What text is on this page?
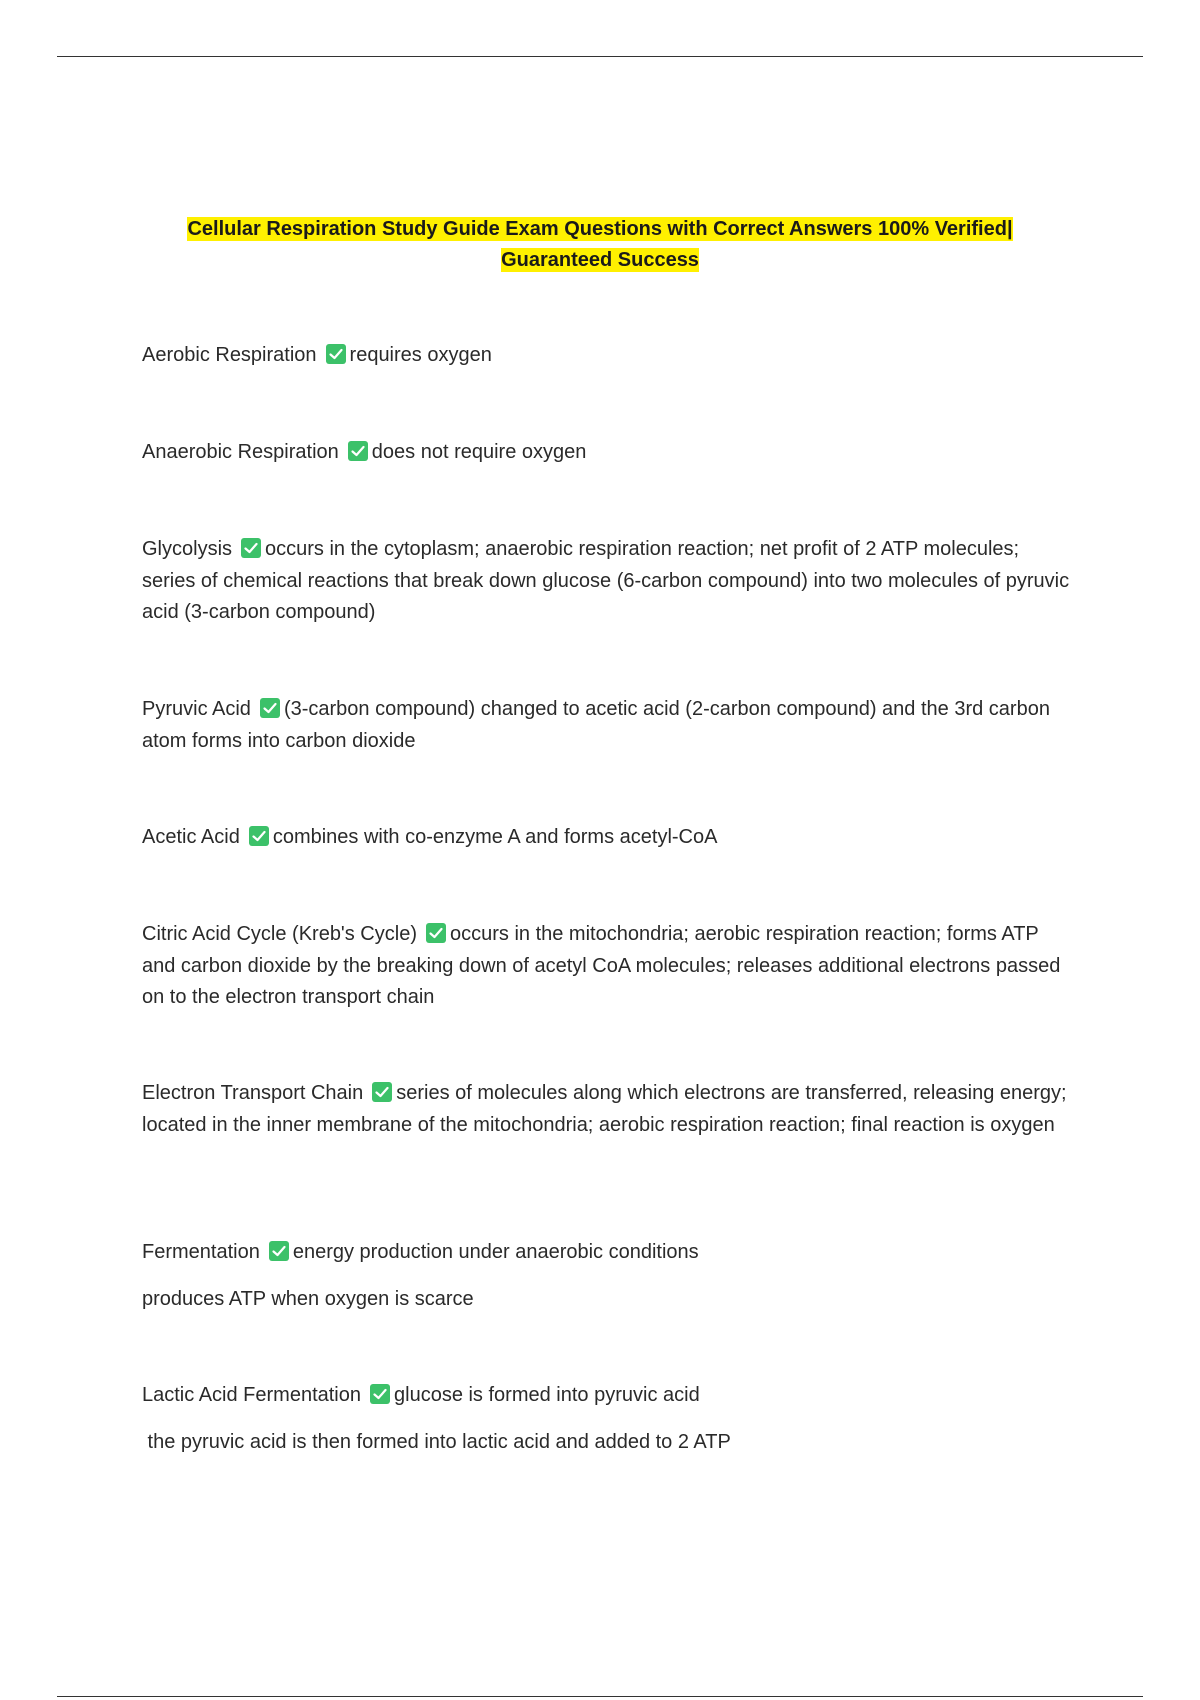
Cellular Respiration Study Guide Exam Questions with Correct Answers 100% Verified|
Guaranteed Success
Aerobic Respiration requires oxygen
Anaerobic Respiration does not require oxygen
Glycolysis occurs in the cytoplasm; anaerobic respiration reaction; net profit of 2 ATP molecules; series of chemical reactions that break down glucose (6-carbon compound) into two molecules of pyruvic acid (3-carbon compound)
Pyruvic Acid (3-carbon compound) changed to acetic acid (2-carbon compound) and the 3rd carbon atom forms into carbon dioxide
Acetic Acid combines with co-enzyme A and forms acetyl-CoA
Citric Acid Cycle (Kreb's Cycle) occurs in the mitochondria; aerobic respiration reaction; forms ATP and carbon dioxide by the breaking down of acetyl CoA molecules; releases additional electrons passed on to the electron transport chain
Electron Transport Chain series of molecules along which electrons are transferred, releasing energy; located in the inner membrane of the mitochondria; aerobic respiration reaction; final reaction is oxygen
Fermentation energy production under anaerobic conditions
produces ATP when oxygen is scarce
Lactic Acid Fermentation glucose is formed into pyruvic acid
the pyruvic acid is then formed into lactic acid and added to 2 ATP
